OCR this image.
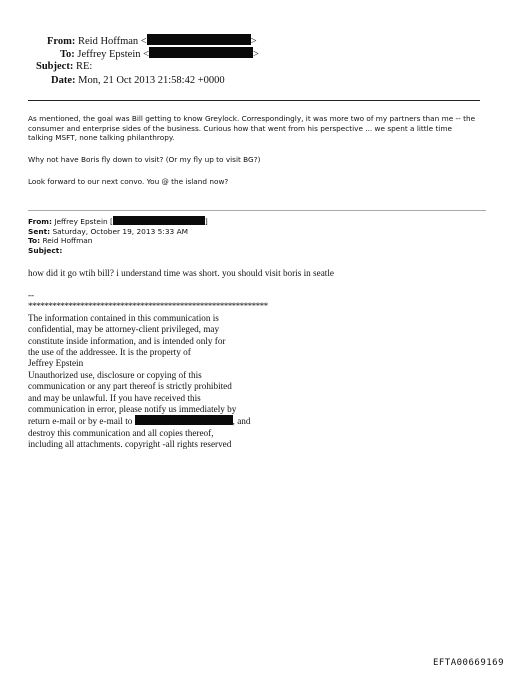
From: Reid Hoffman <	>
To: Jeffrey Epstein <	>
Subject: RE:
Date: Mon, 21 Oct 2013 21:58:42 +0000

As mentioned, the goal was Bill getting to know Greylock. Correspondingly, it was more two of my partners than me -- the
consumer and enterprise sides of the business. Curious how that went from his perspective ... we spent a little time
talking MSFT, none talking philanthropy.

Why not have Boris fly down to visit? (Or my fly up to visit BG?)

Look forward to our next convo. You @ the island now?

From: Jeffrey Epstein [	]
Sent: Saturday, October 19, 2013 5:33 AM
To: Reid Hoffman
Subject:

how did it go wtih bill? i understand time was short. you should visit boris in seatle

--
************************************************************
The information contained in this communication is
confidential, may be attorney-client privileged, may
constitute inside information, and is intended only for
the use of the addressee. It is the property of
Jeffrey Epstein
Unauthorized use, disclosure or copying of this
communication or any part thereof is strictly prohibited
and may be unlawful. If you have received this
communication in error, please notify us immediately by
return e-mail or by e-mail to	, and
destroy this communication and all copies thereof,
including all attachments. copyright -all rights reserved
EFTA00669169
